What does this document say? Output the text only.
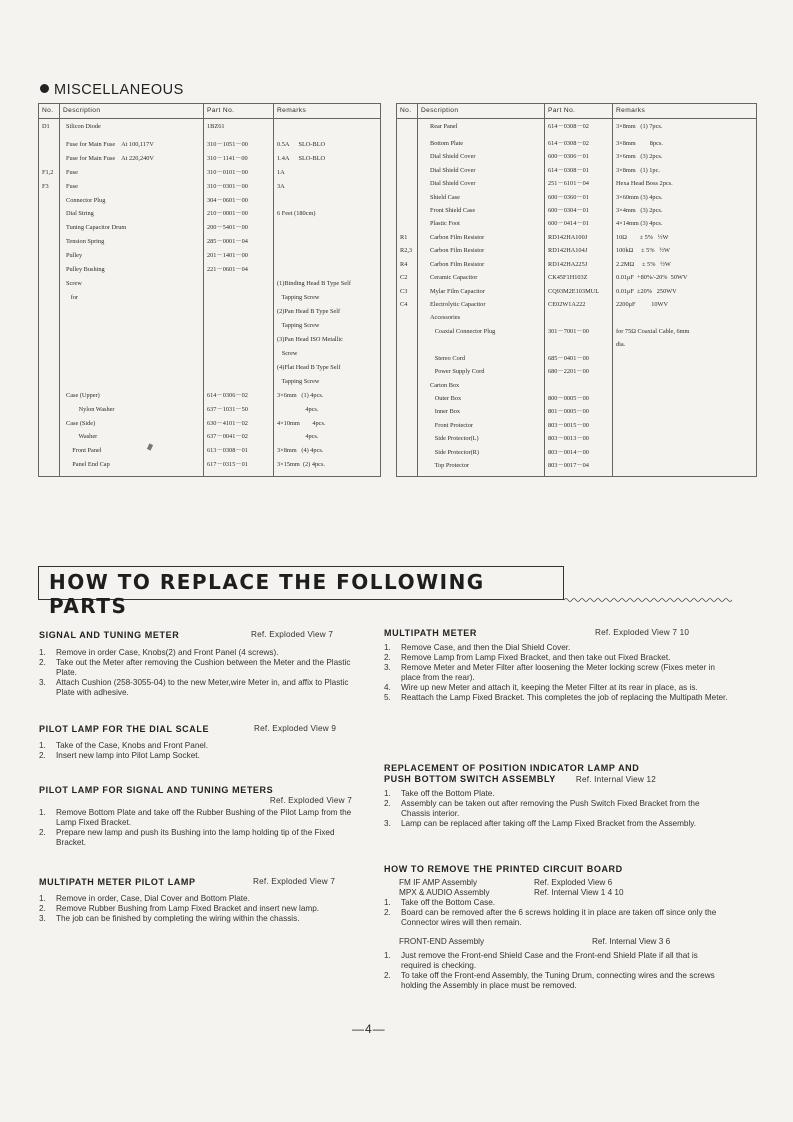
MISCELLANEOUS
No.	Description	Part No.	Remarks
D1	Silicon Diode	1BZ61	
	Fuse for Main Fuse    At 100,117V	310－1051－00	0.5A      SLO-BLO
	Fuse for Main Fuse    At 220,240V	310－1141－00	1.4A      SLO-BLO
F1,2	Fuse	310－0101－00	1A
F3	Fuse	310－0301－00	3A
	Connector Plug	304－0601－00	
	Dial String	210－0001－00	6 Feet (180cm)
	Tuning Capacitor Drum	200－5401－00	
	Tension Spring	285－0001－04	
	Pulley	201－1401－00	
	Pulley Bushing	221－0601－04	
	Screw		(1)Binding Head B Type Self
	for		Tapping Screw
			(2)Pan Head B Type Self
			Tapping Screw
			(3)Pan Head ISO Metallic
			Screw
			(4)Flat Head B Type Self
			Tapping Screw
	Case (Upper)	614－0306－02	3×6mm   (1) 4pcs.
	Nylon Washer	637－1031－50	4pcs.
	Case (Side)	630－4101－02	4×10mm        4pcs.
	Washer	637－0041－02	4pcs.
	Front Panel	613－0308－01	3×8mm   (4) 4pcs.
	Panel End Cap	617－0315－01	3×15mm  (2) 4pcs.

No.	Description	Part No.	Remarks
	Rear Panel	614－0308－02	3×8mm   (1) 7pcs.
	Bottom Plate	614－0308－02	3×8mm         8pcs.
	Dial Shield Cover	600－0306－01	3×6mm   (3) 2pcs.
	Dial Shield Cover	614－0308－01	3×8mm   (1) 1pc.
	Dial Shield Cover	251－6101－04	Hexa Head Boss 2pcs.
	Shield Case	600－0360－01	3×60mm (3) 4pcs.
	Front Shield Case	600－0304－01	3×4mm   (3) 2pcs.
	Plastic Foot	600－0414－01	4×14mm (3) 4pcs.
R1	Carbon Film Resistor	RD142HA100J	10Ω        ± 5%   ½W
R2,3	Carbon Film Resistor	RD142HA104J	100kΩ     ± 5%   ½W
R4	Carbon Film Resistor	RD142HA225J	2.2MΩ     ± 5%   ½W
C2	Ceramic Capacitor	CK45F1H103Z	0.01μF  +80%/-20%  50WV
C3	Mylar Film Capacitor	CQ93M2E103MUL	0.01μF  ±20%   250WV
C4	Electrolytic Capacitor	CE02W1A222	2200μF          10WV
	Accessories		
	Coaxial Connector Plug	301－7001－00	for 75Ω Coaxial Cable, 6mm
			dia.
	Stereo Cord	685－0401－00	
	Power Supply Cord	680－2201－00	

	Carton Box		
	Outer Box	800－0005－00	
	Inner Box	801－0005－00	
	Front Protector	803－0015－00	

	Side Protector(L)	803－0013－00	
	Side Protector(R)	803－0014－00	
	Top Protector	803－0017－04	

HOW TO REPLACE THE FOLLOWING PARTS
SIGNAL AND TUNING METER	Ref. Exploded View 7
1. Remove in order Case, Knobs(2) and Front Panel (4 screws).
2. Take out the Meter after removing the Cushion between the Meter and the Plastic Plate.
3. Attach Cushion (258-3055-04) to the new Meter,wire Meter in, and affix to Plastic Plate with adhesive.
PILOT LAMP FOR THE DIAL SCALE	Ref. Exploded View 9
1. Take of the Case, Knobs and Front Panel.
2. Insert new lamp into Pilot Lamp Socket.
PILOT LAMP FOR SIGNAL AND TUNING METERS
Ref. Exploded View 7
1. Remove Bottom Plate and take off the Rubber Bushing of the Pilot Lamp from the Lamp Fixed Bracket.
2. Prepare new lamp and push its Bushing into the lamp holding tip of the Fixed Bracket.
MULTIPATH METER PILOT LAMP	Ref. Exploded View 7
1. Remove in order, Case, Dial Cover and Bottom Plate.
2. Remove Rubber Bushing from Lamp Fixed Bracket and insert new lamp.
3. The job can be finished by completing the wiring within the chassis.
MULTIPATH METER	Ref. Exploded View 7 10
1. Remove Case, and then the Dial Shield Cover.
2. Remove Lamp from Lamp Fixed Bracket, and then take out Fixed Bracket.
3. Remove Meter and Meter Filter after loosening the Meter locking screw (Fixes meter in place from the rear).
4. Wire up new Meter and attach it, keeping the Meter Filter at its rear in place, as is.
5. Reattach the Lamp Fixed Bracket. This completes the job of replacing the Multipath Meter.
REPLACEMENT OF POSITION INDICATOR LAMP AND
PUSH BOTTOM SWITCH ASSEMBLY Ref. Internal View 12
1. Take off the Bottom Plate.
2. Assembly can be taken out after removing the Push Switch Fixed Bracket from the Chassis interior.
3. Lamp can be replaced after taking off the Lamp Fixed Bracket from the Assembly.
HOW TO REMOVE THE PRINTED CIRCUIT BOARD
FM IF AMP Assembly	Ref. Exploded View 6
MPX & AUDIO Assembly	Ref. Internal View 1 4 10
1. Take off the Bottom Case.
2. Board can be removed after the 6 screws holding it in place are taken off since only the Connector wires will then remain.
FRONT-END Assembly	Ref. Internal View 3 6
1. Just remove the Front-end Shield Case and the Front-end Shield Plate if all that is required is checking.
2. To take off the Front-end Assembly, the Tuning Drum, connecting wires and the screws holding the Assembly in place must be removed.
—4—
